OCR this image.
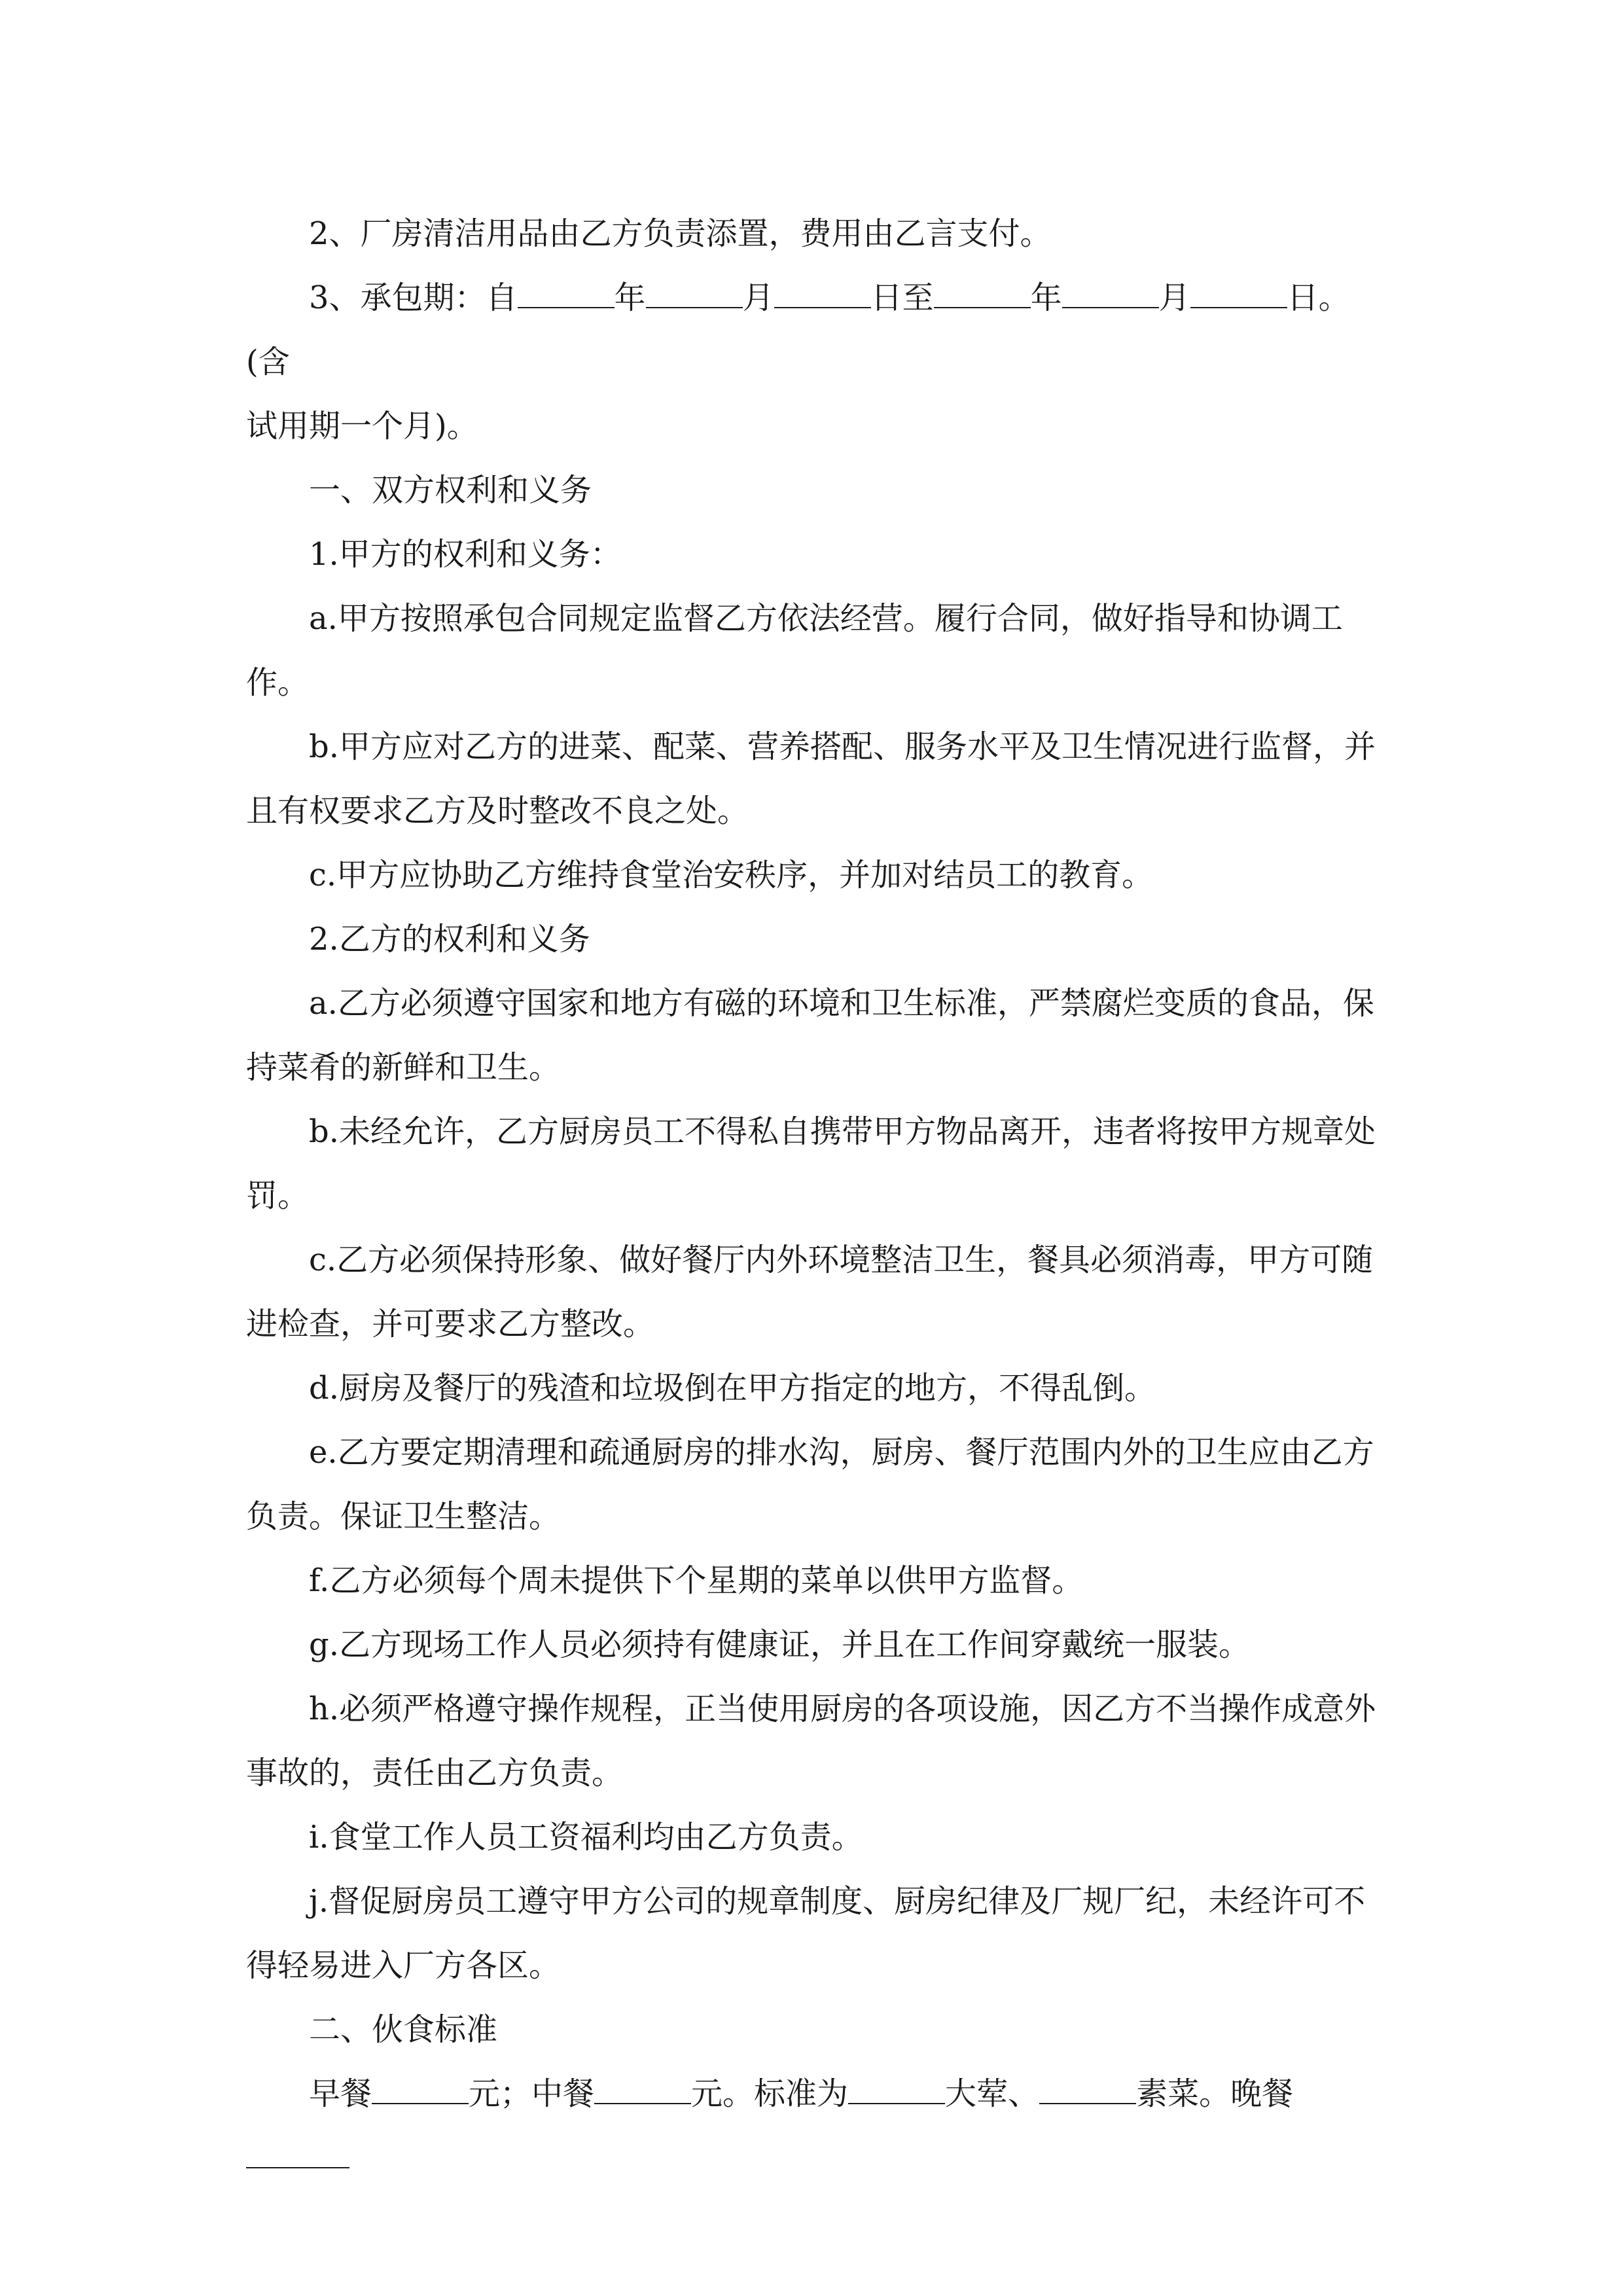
2、厂房清洁用品由乙方负责添置，费用由乙言支付。

3、承包期：自	年	月	日至	年	月	日。(含

试用期一个月)。

一、双方权利和义务

1.甲方的权利和义务：

a.甲方按照承包合同规定监督乙方依法经营。履行合同，做好指导和协调工作。

b.甲方应对乙方的进菜、配菜、营养搭配、服务水平及卫生情况进行监督，并且有权要求乙方及时整改不良之处。

c.甲方应协助乙方维持食堂治安秩序，并加对结员工的教育。

2.乙方的权利和义务

a.乙方必须遵守国家和地方有磁的环境和卫生标准，严禁腐烂变质的食品，保持菜肴的新鲜和卫生。

b.未经允许，乙方厨房员工不得私自携带甲方物品离开，违者将按甲方规章处罚。

c.乙方必须保持形象、做好餐厅内外环境整洁卫生，餐具必须消毒，甲方可随进检查，并可要求乙方整改。

d.厨房及餐厅的残渣和垃圾倒在甲方指定的地方，不得乱倒。

e.乙方要定期清理和疏通厨房的排水沟，厨房、餐厅范围内外的卫生应由乙方负责。保证卫生整洁。

f.乙方必须每个周未提供下个星期的菜单以供甲方监督。

g.乙方现场工作人员必须持有健康证，并且在工作间穿戴统一服装。

h.必须严格遵守操作规程，正当使用厨房的各项设施，因乙方不当操作成意外事故的，责任由乙方负责。

i.食堂工作人员工资福利均由乙方负责。

j.督促厨房员工遵守甲方公司的规章制度、厨房纪律及厂规厂纪，未经许可不得轻易进入厂方各区。

二、伙食标准

早餐	元；中餐	元。标准为	大荤、	素菜。晚餐
